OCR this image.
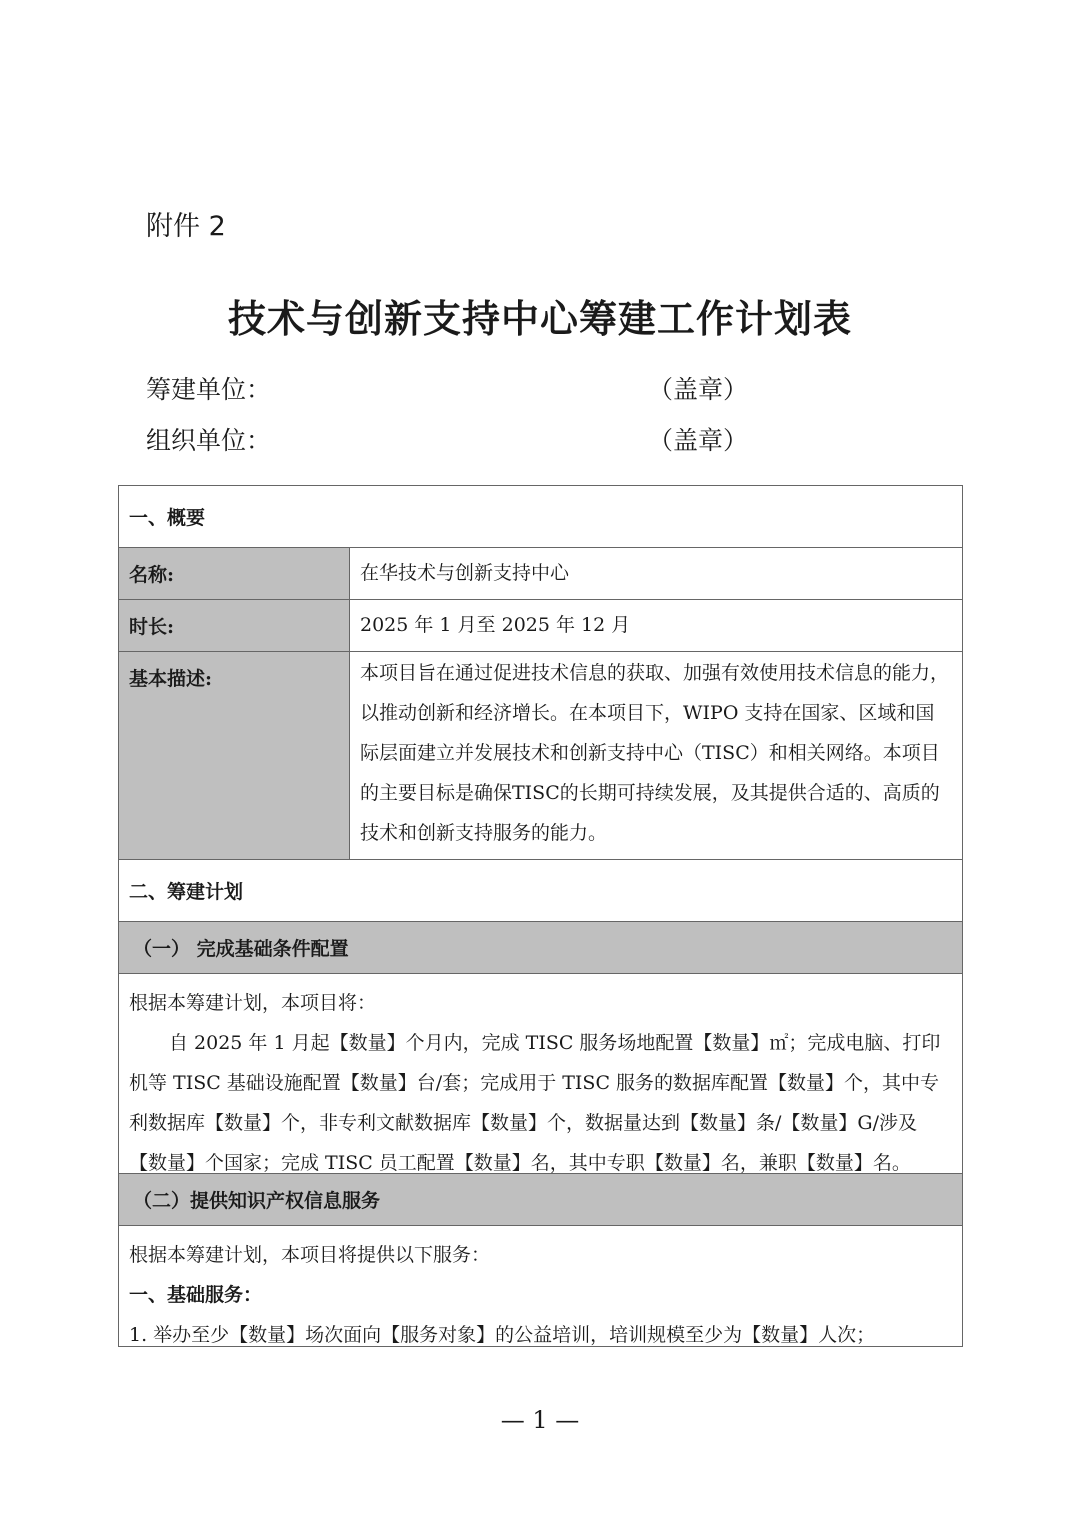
附件 2
技术与创新支持中心筹建工作计划表
筹建单位：	（盖章）
组织单位：	（盖章）
一、概要
名称:	在华技术与创新支持中心
时长:	2025 年 1 月至 2025 年 12 月
基本描述:	本项目旨在通过促进技术信息的获取、加强有效使用技术信息的能力，以推动创新和经济增长。在本项目下，WIPO 支持在国家、区域和国际层面建立并发展技术和创新支持中心（TISC）和相关网络。本项目的主要目标是确保TISC的长期可持续发展，及其提供合适的、高质的技术和创新支持服务的能力。
二、筹建计划
（一） 完成基础条件配置

根据本筹建计划，本项目将：

自 2025 年 1 月起【数量】个月内，完成 TISC 服务场地配置【数量】㎡；完成电脑、打印机等 TISC 基础设施配置【数量】台/套；完成用于 TISC 服务的数据库配置【数量】个，其中专利数据库【数量】个，非专利文献数据库【数量】个，数据量达到【数量】条/【数量】G/涉及【数量】个国家；完成 TISC 员工配置【数量】名，其中专职【数量】名，兼职【数量】名。

（二）提供知识产权信息服务

根据本筹建计划，本项目将提供以下服务：

一、基础服务：

1. 举办至少【数量】场次面向【服务对象】的公益培训，培训规模至少为【数量】人次；

— 1 —
